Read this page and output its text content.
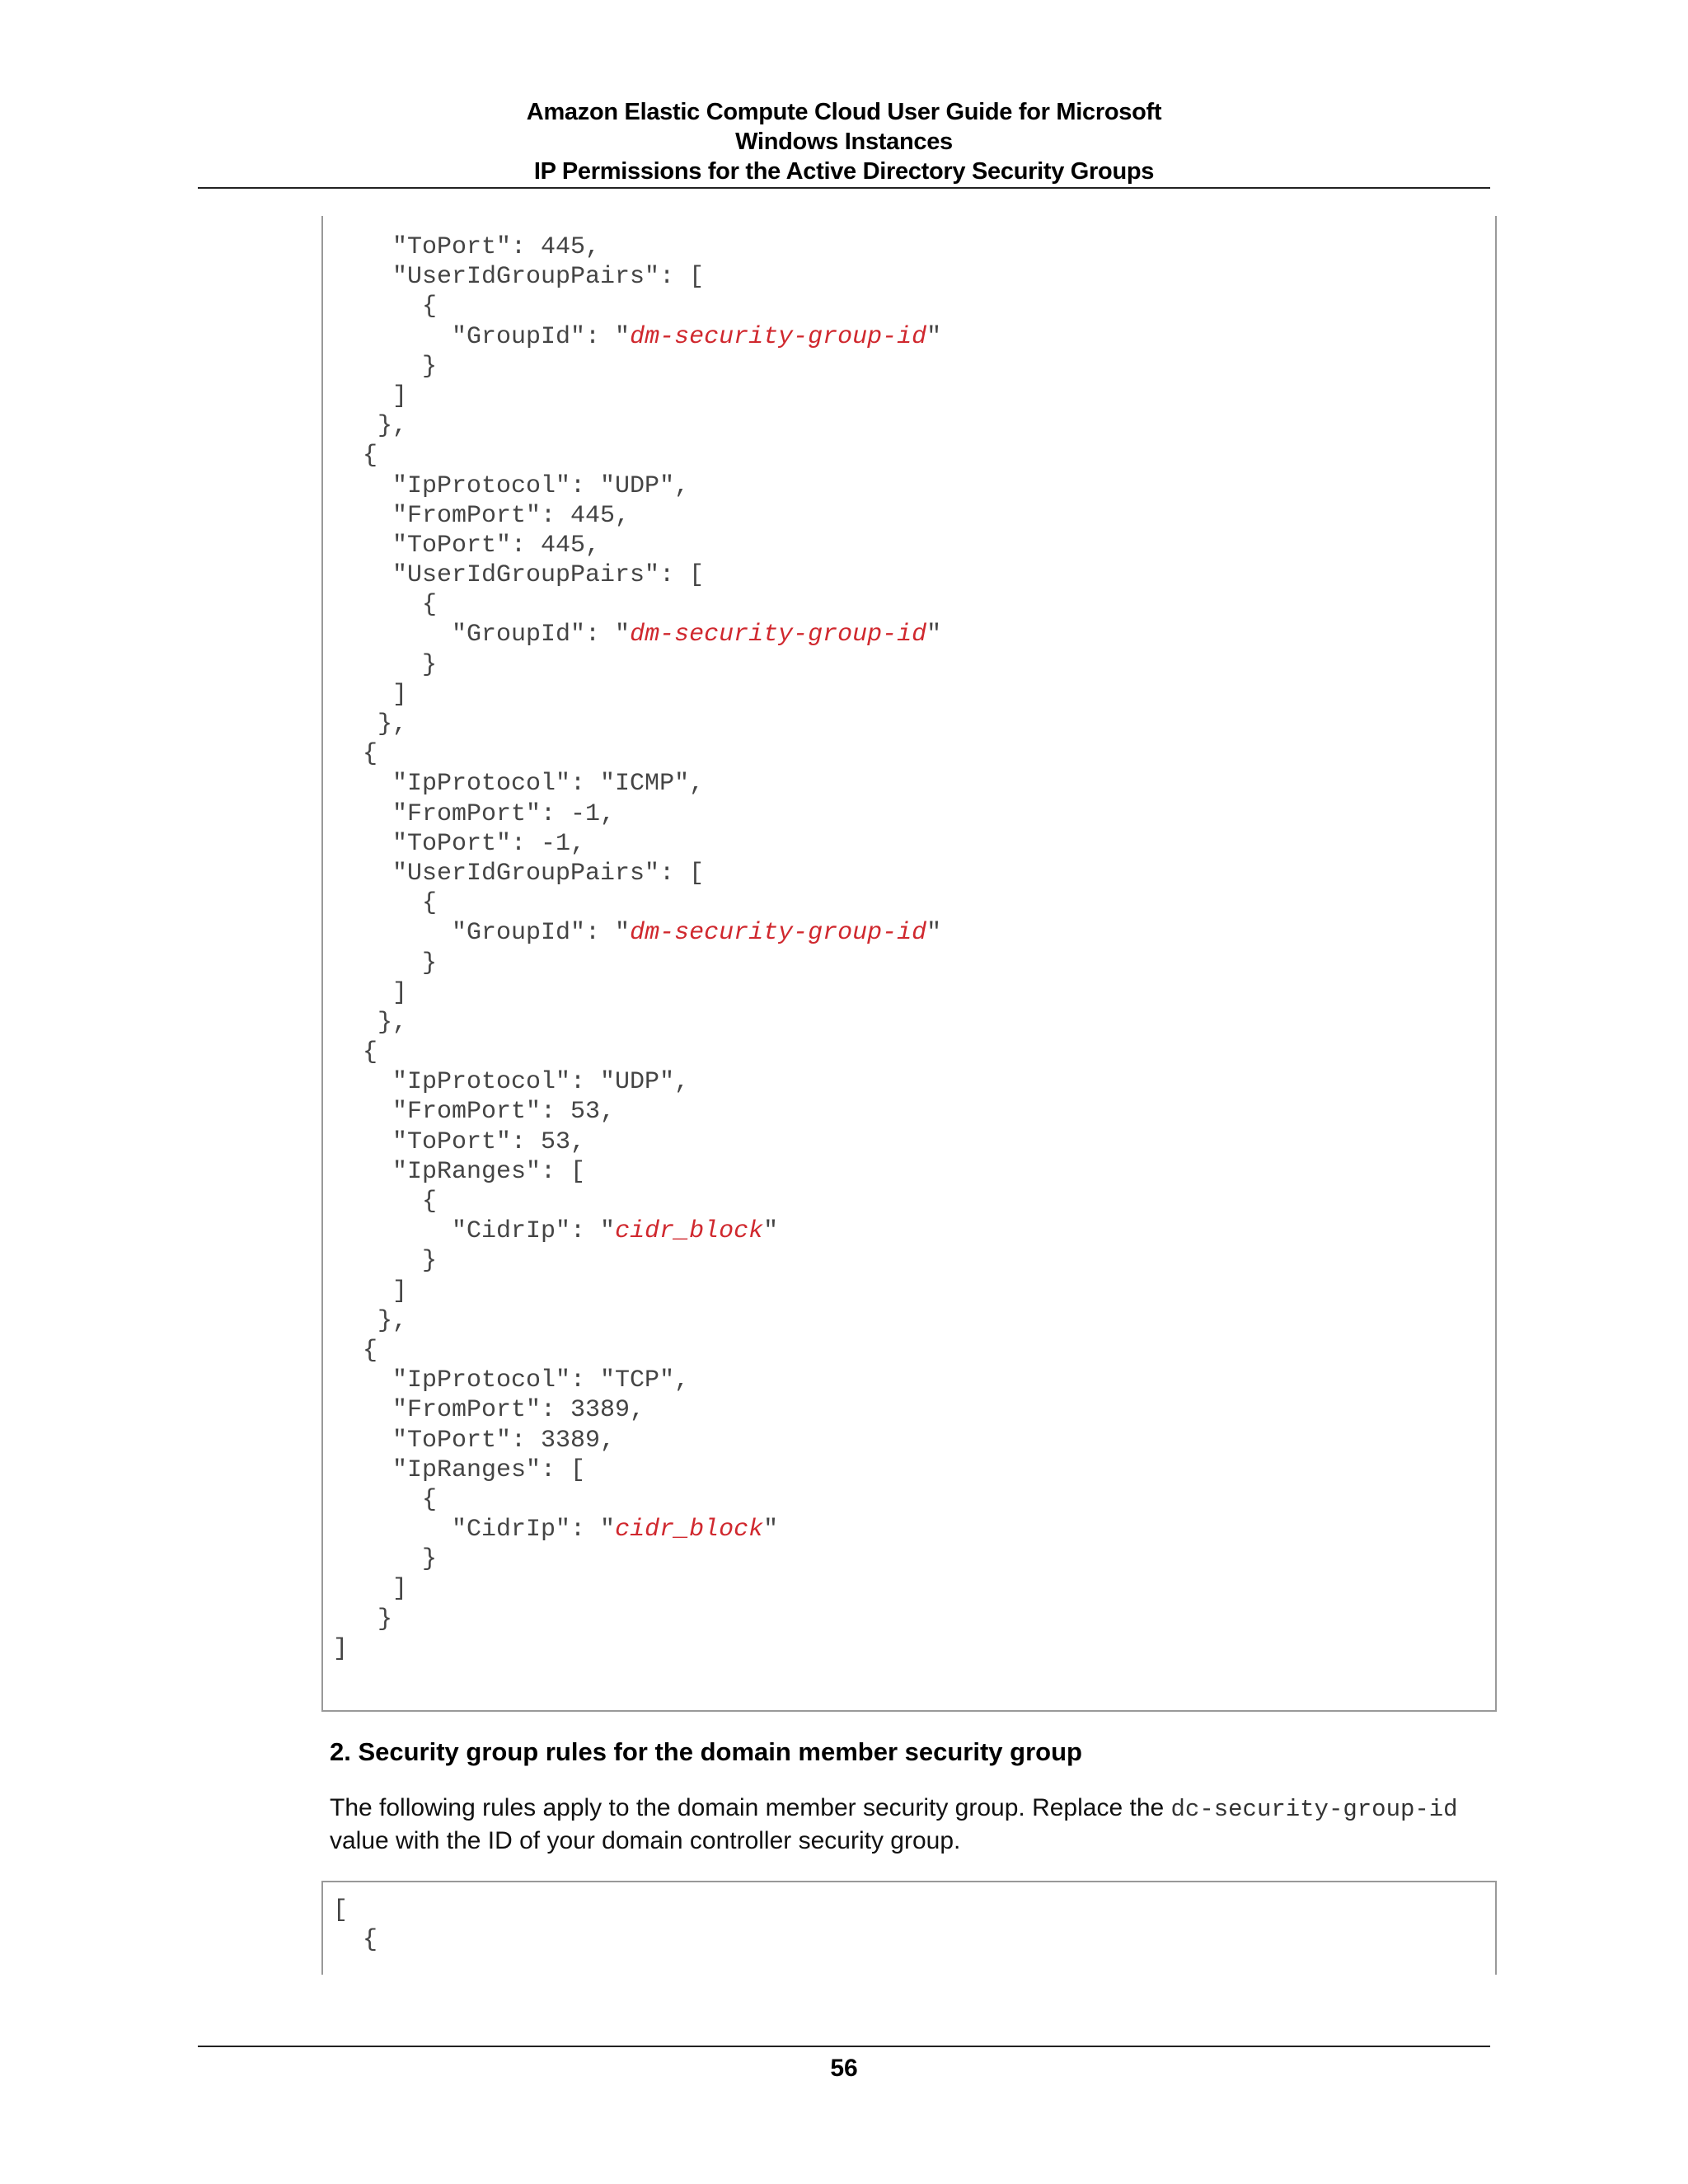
Amazon Elastic Compute Cloud User Guide for Microsoft
Windows Instances
IP Permissions for the Active Directory Security Groups
"ToPort": 445,
"UserIdGroupPairs": [
{
"GroupId": "dm-security-group-id"
}
]
},
{
"IpProtocol": "UDP",
"FromPort": 445,
"ToPort": 445,
"UserIdGroupPairs": [
{
"GroupId": "dm-security-group-id"
}
]
},
{
"IpProtocol": "ICMP",
"FromPort": -1,
"ToPort": -1,
"UserIdGroupPairs": [
{
"GroupId": "dm-security-group-id"
}
]
},
{
"IpProtocol": "UDP",
"FromPort": 53,
"ToPort": 53,
"IpRanges": [
{
"CidrIp": "cidr_block"
}
]
},
{
"IpProtocol": "TCP",
"FromPort": 3389,
"ToPort": 3389,
"IpRanges": [
{
"CidrIp": "cidr_block"
}
]
}
]
2. Security group rules for the domain member security group
The following rules apply to the domain member security group. Replace the dc-security-group-id value with the ID of your domain controller security group.
[
{
56
